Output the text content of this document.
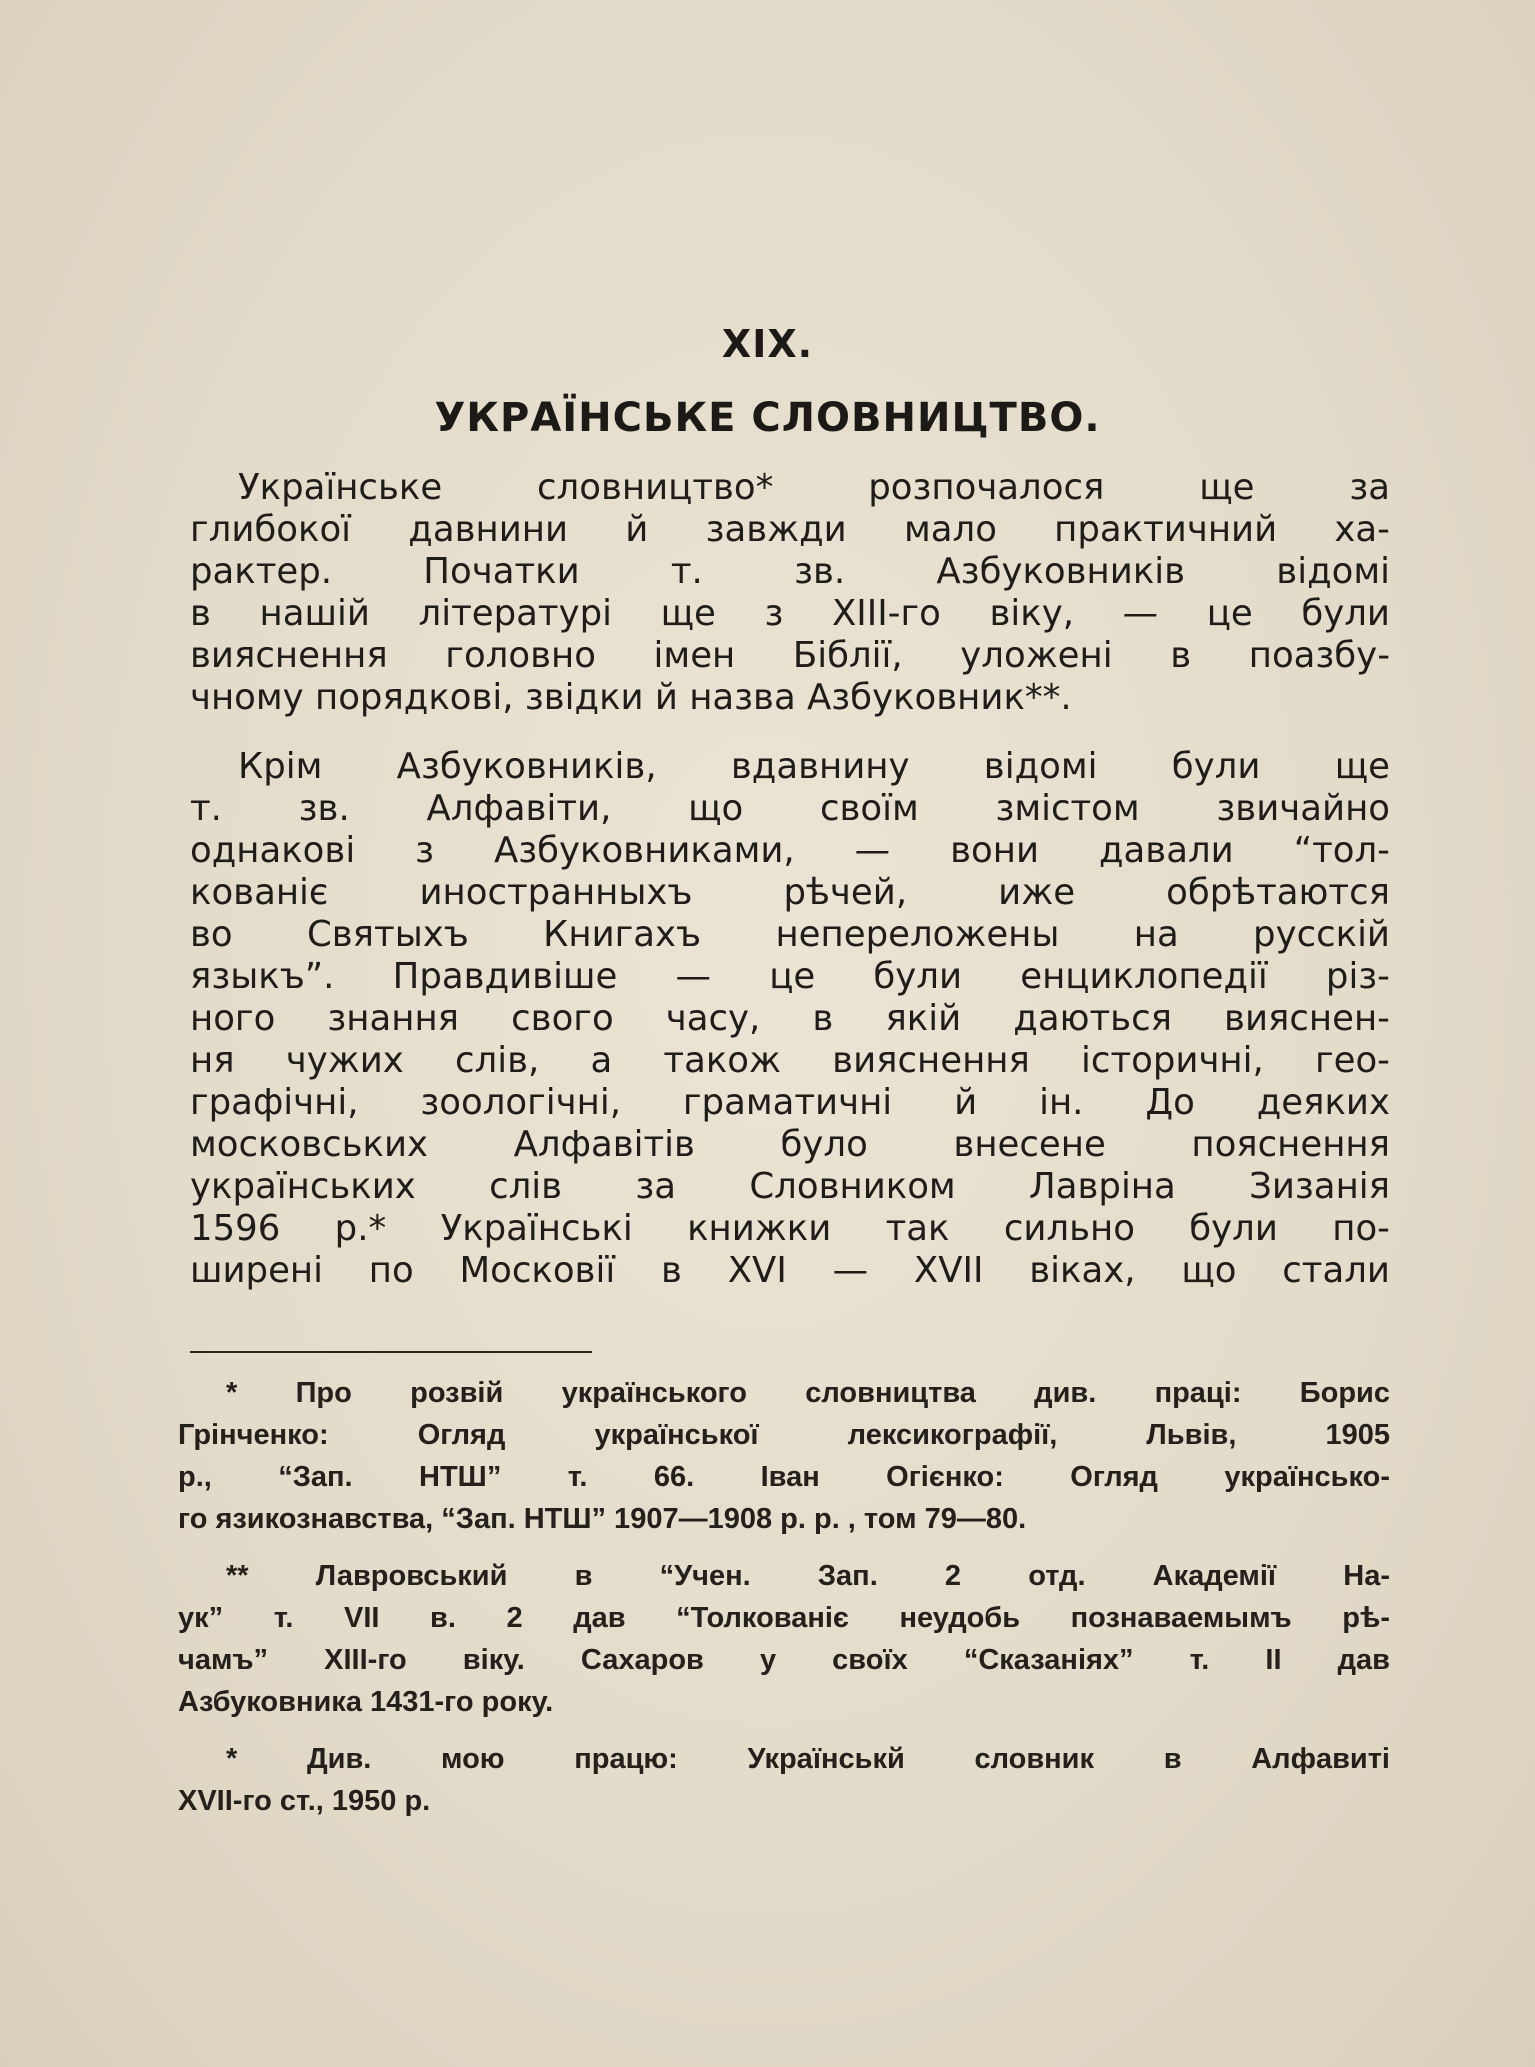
XIX.
УКРАЇНСЬКЕ СЛОВНИЦТВО.
Українське словництво* розпочалося ще за
глибокої давнини й завжди мало практичний ха-
рактер. Початки т. зв. Азбуковників відомі
в нашій літературі ще з XIII-го віку, — це були
вияснення головно імен Біблії, уложені в поазбу-
чному порядкові, звідки й назва Азбуковник**.
Крім Азбуковників, вдавнину відомі були ще
т. зв. Алфавіти, що своїм змістом звичайно
однакові з Азбуковниками, — вони давали “тол-
кованіє иностранныхъ рѣчей, иже обрѣтаются
во Святыхъ Книгахъ непереложены на русскій
языкъ”. Правдивіше — це були енциклопедії різ-
ного знання свого часу, в якій даються вияснен-
ня чужих слів, а також вияснення історичні, гео-
графічні, зоологічні, граматичні й ін. До деяких
московських Алфавітів було внесене пояснення
українських слів за Словником Лавріна Зизанія
1596 р.* Українські книжки так сильно були по-
ширені по Московії в XVI — XVII віках, що стали
* Про розвій українського словництва див. праці: Борис
Грінченко: Огляд української лексикографії, Львів, 1905
р., “Зап. НТШ” т. 66. Іван Огієнко: Огляд українсько-
го язикознавства, “Зап. НТШ” 1907—1908 р. р. , том 79—80.
** Лавровський в “Учен. Зап. 2 отд. Академії На-
ук” т. VII в. 2 дав “Толкованіє неудобь познаваемымъ рѣ-
чамъ” XIII-го віку. Сахаров у своїх “Сказаніях” т. II дав
Азбуковника 1431-го року.
* Див. мою працю: Українськй словник в Алфавиті
XVII-го ст., 1950 р.
